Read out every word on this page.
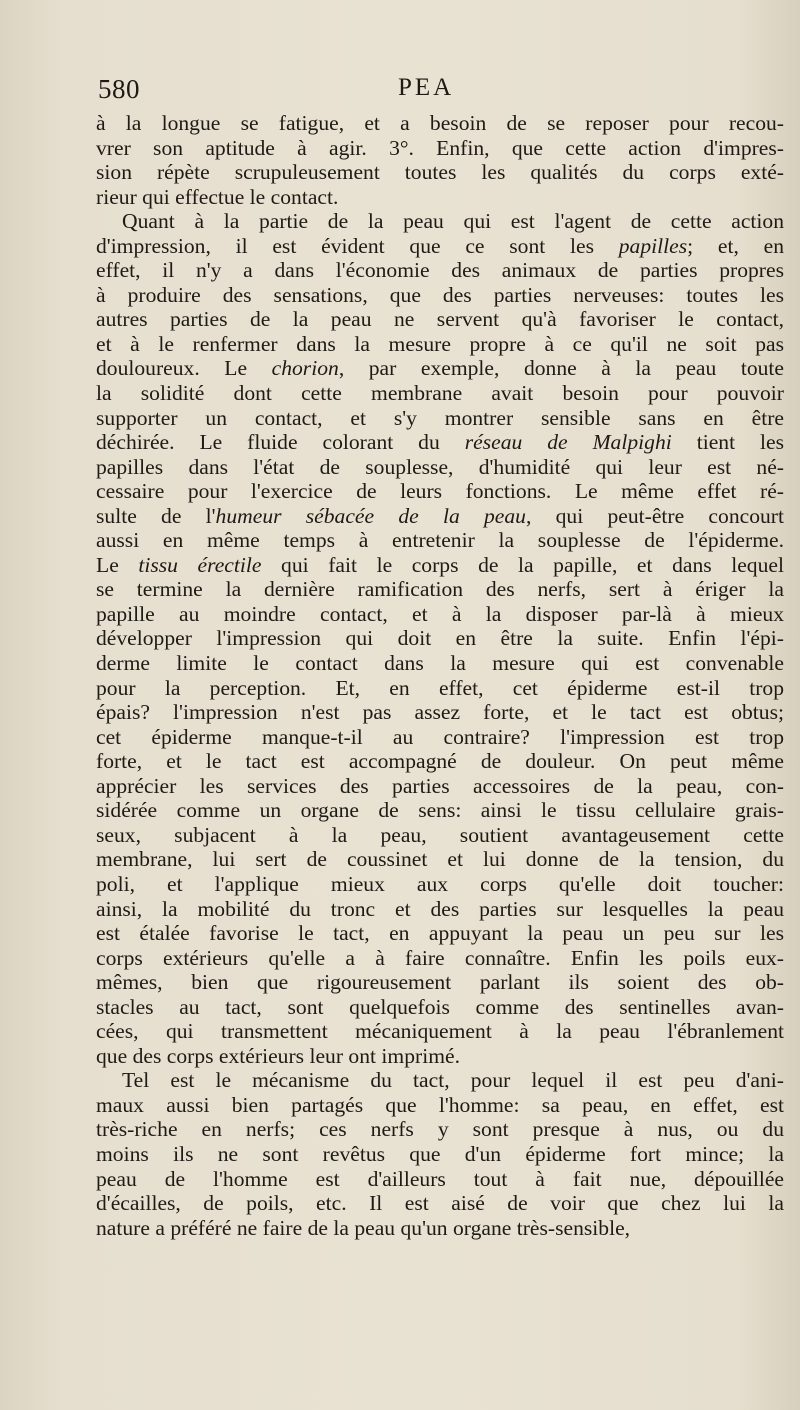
580	PEA
à la longue se fatigue, et a besoin de se reposer pour recou-
vrer son aptitude à agir. 3°. Enfin, que cette action d'impres-
sion répète scrupuleusement toutes les qualités du corps exté-
rieur qui effectue le contact.
Quant à la partie de la peau qui est l'agent de cette action
d'impression, il est évident que ce sont les papilles; et, en
effet, il n'y a dans l'économie des animaux de parties propres
à produire des sensations, que des parties nerveuses: toutes les
autres parties de la peau ne servent qu'à favoriser le contact,
et à le renfermer dans la mesure propre à ce qu'il ne soit pas
douloureux. Le chorion, par exemple, donne à la peau toute
la solidité dont cette membrane avait besoin pour pouvoir
supporter un contact, et s'y montrer sensible sans en être
déchirée. Le fluide colorant du réseau de Malpighi tient les
papilles dans l'état de souplesse, d'humidité qui leur est né-
cessaire pour l'exercice de leurs fonctions. Le même effet ré-
sulte de l'humeur sébacée de la peau, qui peut-être concourt
aussi en même temps à entretenir la souplesse de l'épiderme.
Le tissu érectile qui fait le corps de la papille, et dans lequel
se termine la dernière ramification des nerfs, sert à ériger la
papille au moindre contact, et à la disposer par-là à mieux
développer l'impression qui doit en être la suite. Enfin l'épi-
derme limite le contact dans la mesure qui est convenable
pour la perception. Et, en effet, cet épiderme est-il trop
épais? l'impression n'est pas assez forte, et le tact est obtus;
cet épiderme manque-t-il au contraire? l'impression est trop
forte, et le tact est accompagné de douleur. On peut même
apprécier les services des parties accessoires de la peau, con-
sidérée comme un organe de sens: ainsi le tissu cellulaire grais-
seux, subjacent à la peau, soutient avantageusement cette
membrane, lui sert de coussinet et lui donne de la tension, du
poli, et l'applique mieux aux corps qu'elle doit toucher:
ainsi, la mobilité du tronc et des parties sur lesquelles la peau
est étalée favorise le tact, en appuyant la peau un peu sur les
corps extérieurs qu'elle a à faire connaître. Enfin les poils eux-
mêmes, bien que rigoureusement parlant ils soient des ob-
stacles au tact, sont quelquefois comme des sentinelles avan-
cées, qui transmettent mécaniquement à la peau l'ébranlement
que des corps extérieurs leur ont imprimé.
Tel est le mécanisme du tact, pour lequel il est peu d'ani-
maux aussi bien partagés que l'homme: sa peau, en effet, est
très-riche en nerfs; ces nerfs y sont presque à nus, ou du
moins ils ne sont revêtus que d'un épiderme fort mince; la
peau de l'homme est d'ailleurs tout à fait nue, dépouillée
d'écailles, de poils, etc. Il est aisé de voir que chez lui la
nature a préféré ne faire de la peau qu'un organe très-sensible,
